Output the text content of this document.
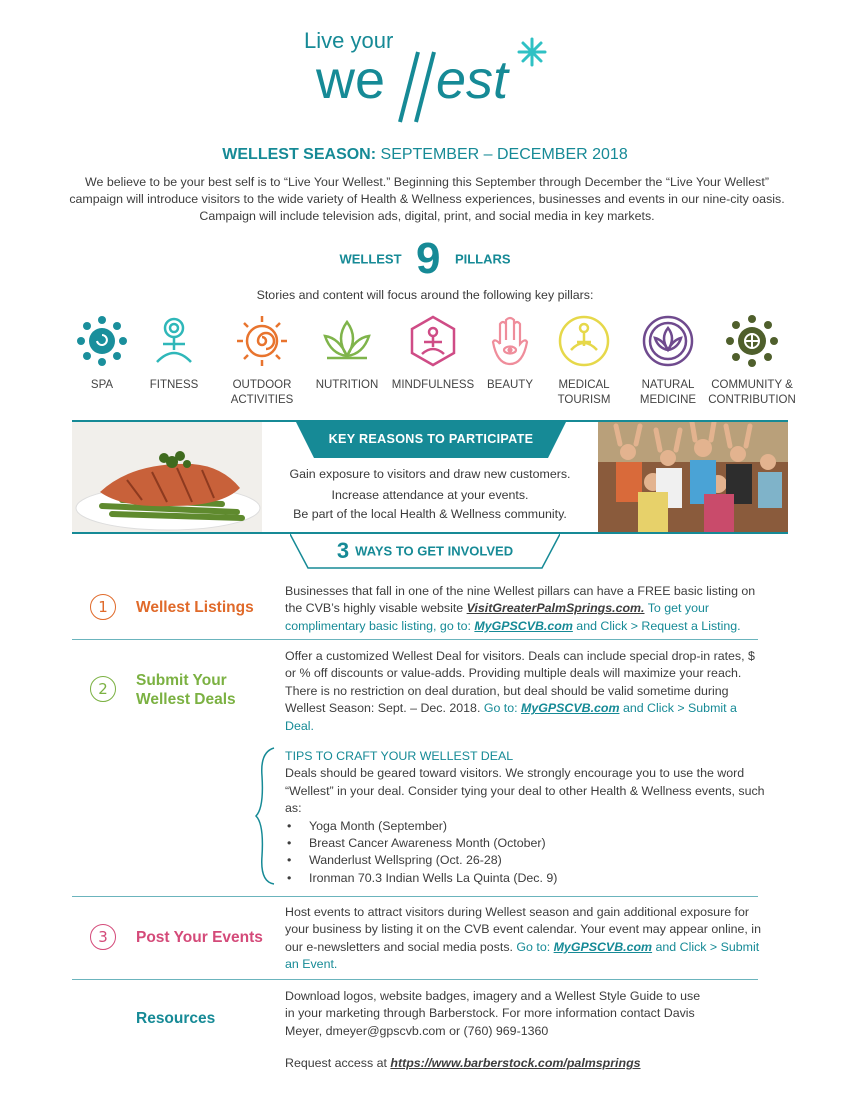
Live your
we est
WELLEST SEASON: SEPTEMBER – DECEMBER 2018
We believe to be your best self is to “Live Your Wellest.” Beginning this September through December the “Live Your Wellest” campaign will introduce visitors to the wide variety of Health & Wellness experiences, businesses and events in our nine-city oasis. Campaign will include television ads, digital, print, and social media in key markets.
WELLEST 9 PILLARS
Stories and content will focus around the following key pillars:
SPA	FITNESS	OUTDOOR
ACTIVITIES
NUTRITION	MINDFULNESS	BEAUTY	MEDICAL
TOURISM
NATURAL
MEDICINE
COMMUNITY &
CONTRIBUTION
KEY REASONS TO PARTICIPATE
Gain exposure to visitors and draw new customers.
Increase attendance at your events.
Be part of the local Health & Wellness community.
3 WAYS TO GET INVOLVED
1	Wellest Listings
Businesses that fall in one of the nine Wellest pillars can have a FREE basic listing on the CVB’s highly visable website VisitGreaterPalmSprings.com. To get your complimentary basic listing, go to: MyGPSCVB.com and Click > Request a Listing.
2	Submit Your
Wellest Deals
Offer a customized Wellest Deal for visitors. Deals can include special drop-in rates, $ or % off discounts or value-adds. Providing multiple deals will maximize your reach. There is no restriction on deal duration, but deal should be valid sometime during Wellest Season: Sept. – Dec. 2018. Go to: MyGPSCVB.com and Click > Submit a Deal.
TIPS TO CRAFT YOUR WELLEST DEAL
Deals should be geared toward visitors. We strongly encourage you to use the word “Wellest” in your deal. Consider tying your deal to other Health & Wellness events, such as:
• Yoga Month (September)
• Breast Cancer Awareness Month (October)
• Wanderlust Wellspring (Oct. 26-28)
• Ironman 70.3 Indian Wells La Quinta (Dec. 9)
3	Post Your Events
Host events to attract visitors during Wellest season and gain additional exposure for your business by listing it on the CVB event calendar. Your event may appear online, in our e-newsletters and social media posts. Go to: MyGPSCVB.com and Click > Submit an Event.
Resources
Download logos, website badges, imagery and a Wellest Style Guide to use in your marketing through Barberstock. For more information contact Davis Meyer, dmeyer@gpscvb.com or (760) 969-1360
Request access at https://www.barberstock.com/palmsprings
